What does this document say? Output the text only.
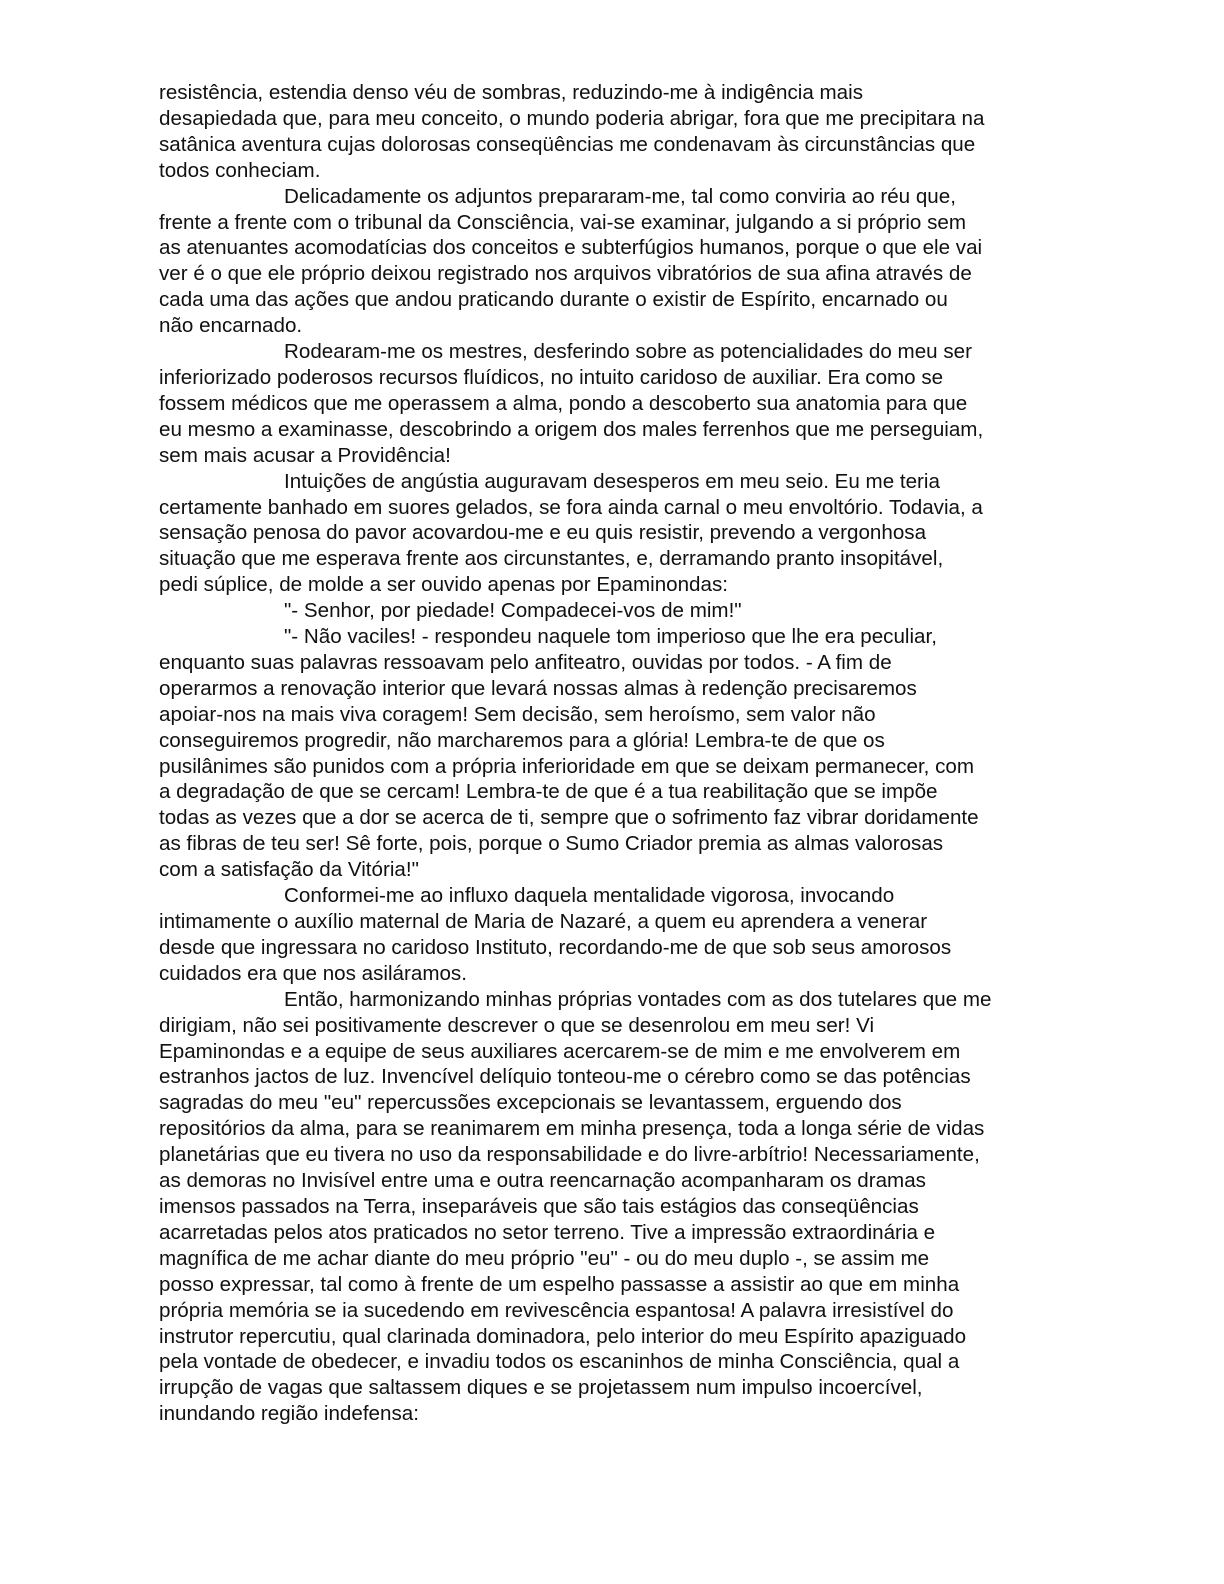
resistência, estendia denso véu de sombras, reduzindo-me à indigência mais

desapiedada que, para meu conceito, o mundo poderia abrigar, fora que me precipitara na

satânica aventura cujas dolorosas conseqüências me condenavam às circunstâncias que

todos conheciam.

Delicadamente os adjuntos prepararam-me, tal como conviria ao réu que,

frente a frente com o tribunal da Consciência, vai-se examinar, julgando a si próprio sem

as atenuantes acomodatícias dos conceitos e subterfúgios humanos, porque o que ele vai

ver é o que ele próprio deixou registrado nos arquivos vibratórios de sua afina através de

cada uma das ações que andou praticando durante o existir de Espírito, encarnado ou

não encarnado.

Rodearam-me os mestres, desferindo sobre as potencialidades do meu ser

inferiorizado poderosos recursos fluídicos, no intuito caridoso de auxiliar. Era como se

fossem médicos que me operassem a alma, pondo a descoberto sua anatomia para que

eu mesmo a examinasse, descobrindo a origem dos males ferrenhos que me perseguiam,

sem mais acusar a Providência!

Intuições de angústia auguravam desesperos em meu seio. Eu me teria

certamente banhado em suores gelados, se fora ainda carnal o meu envoltório. Todavia, a

sensação penosa do pavor acovardou-me e eu quis resistir, prevendo a vergonhosa

situação que me esperava frente aos circunstantes, e, derramando pranto insopitável,

pedi súplice, de molde a ser ouvido apenas por Epaminondas:

"- Senhor, por piedade! Compadecei-vos de mim!"

"- Não vaciles! - respondeu naquele tom imperioso que lhe era peculiar,

enquanto suas palavras ressoavam pelo anfiteatro, ouvidas por todos. - A fim de

operarmos a renovação interior que levará nossas almas à redenção precisaremos

apoiar-nos na mais viva coragem! Sem decisão, sem heroísmo, sem valor não

conseguiremos progredir, não marcharemos para a glória! Lembra-te de que os

pusilânimes são punidos com a própria inferioridade em que se deixam permanecer, com

a degradação de que se cercam! Lembra-te de que é a tua reabilitação que se impõe

todas as vezes que a dor se acerca de ti, sempre que o sofrimento faz vibrar doridamente

as fibras de teu ser! Sê forte, pois, porque o Sumo Criador premia as almas valorosas

com a satisfação da Vitória!"

Conformei-me ao influxo daquela mentalidade vigorosa, invocando

intimamente o auxílio maternal de Maria de Nazaré, a quem eu aprendera a venerar

desde que ingressara no caridoso Instituto, recordando-me de que sob seus amorosos

cuidados era que nos asiláramos.

Então, harmonizando minhas próprias vontades com as dos tutelares que me

dirigiam, não sei positivamente descrever o que se desenrolou em meu ser! Vi

Epaminondas e a equipe de seus auxiliares acercarem-se de mim e me envolverem em

estranhos jactos de luz. Invencível delíquio tonteou-me o cérebro como se das potências

sagradas do meu "eu" repercussões excepcionais se levantassem, erguendo dos

repositórios da alma, para se reanimarem em minha presença, toda a longa série de vidas

planetárias que eu tivera no uso da responsabilidade e do livre-arbítrio! Necessariamente,

as demoras no Invisível entre uma e outra reencarnação acompanharam os dramas

imensos passados na Terra, inseparáveis que são tais estágios das conseqüências

acarretadas pelos atos praticados no setor terreno. Tive a impressão extraordinária e

magnífica de me achar diante do meu próprio "eu" - ou do meu duplo -, se assim me

posso expressar, tal como à frente de um espelho passasse a assistir ao que em minha

própria memória se ia sucedendo em revivescência espantosa! A palavra irresistível do

instrutor repercutiu, qual clarinada dominadora, pelo interior do meu Espírito apaziguado

pela vontade de obedecer, e invadiu todos os escaninhos de minha Consciência, qual a

irrupção de vagas que saltassem diques e se projetassem num impulso incoercível,

inundando região indefensa:
